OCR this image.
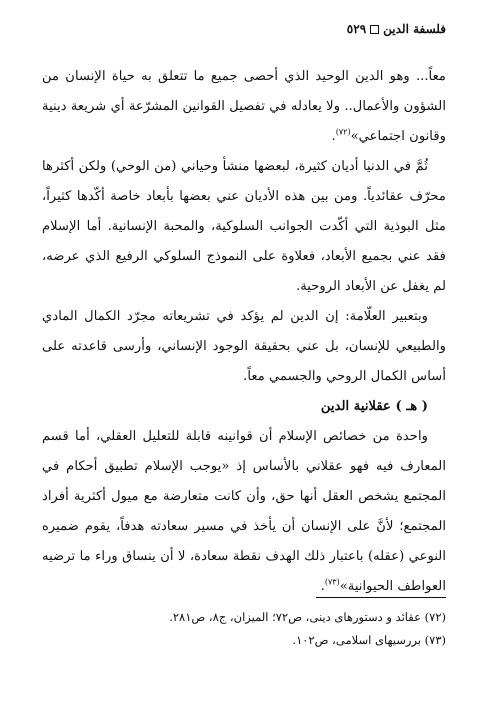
فلسفة الدين٥٢٩

معاً... وهو الدين الوحيد الذي أحصى جميع ما تتعلق به حياة الإنسان من الشؤون والأعمال.. ولا يعادله في تفصيل القوانين المشرّعة أي شريعة دينية وقانون اجتماعي»$^{(٧٢)}$.

ثُمَّ في الدنيا أديان كثيرة، لبعضها منشأ وحياني (من الوحي) ولكن أكثرها محرّف عقائدياً. ومن بين هذه الأديان عني بعضها بأبعاد خاصة أكّدها كثيراً، مثل البوذية التي أكّدت الجوانب السلوكية، والمحبة الإنسانية. أما الإسلام فقد عني بجميع الأبعاد، فعلاوة على النموذج السلوكي الرفيع الذي عرضه، لم يغفل عن الأبعاد الروحية.

وبتعبير العلّامة: إن الدين لم يؤكد في تشريعاته مجرّد الكمال المادي والطبيعي للإنسان، بل عني بحقيقة الوجود الإنساني، وأرسى قاعدته على أساس الكمال الروحي والجسمي معاً.

( هـ ) عقلانية الدين

واحدة من خصائص الإسلام أن قوانينه قابلة للتعليل العقلي، أما قسم المعارف فيه فهو عقلاني بالأساس إذ «يوجب الإسلام تطبيق أحكام في المجتمع يشخص العقل أنها حق، وأن كانت متعارضة مع ميول أكثرية أفراد المجتمع؛ لأنَّ على الإنسان أن يأخذ في مسير سعادته هدفاً، يقوم ضميره النوعي (عقله) باعتبار ذلك الهدف نقطة سعادة، لا أن ينساق وراء ما ترضيه العواطف الحيوانية»$^{(٧٣)}$.

(٧٢) عقائد و دستورهای دینی، ص٧٢؛ الميزان، ج٨، ص٢٨١.

(٧٣) بررسیهای اسلامی، ص١٠٢.
